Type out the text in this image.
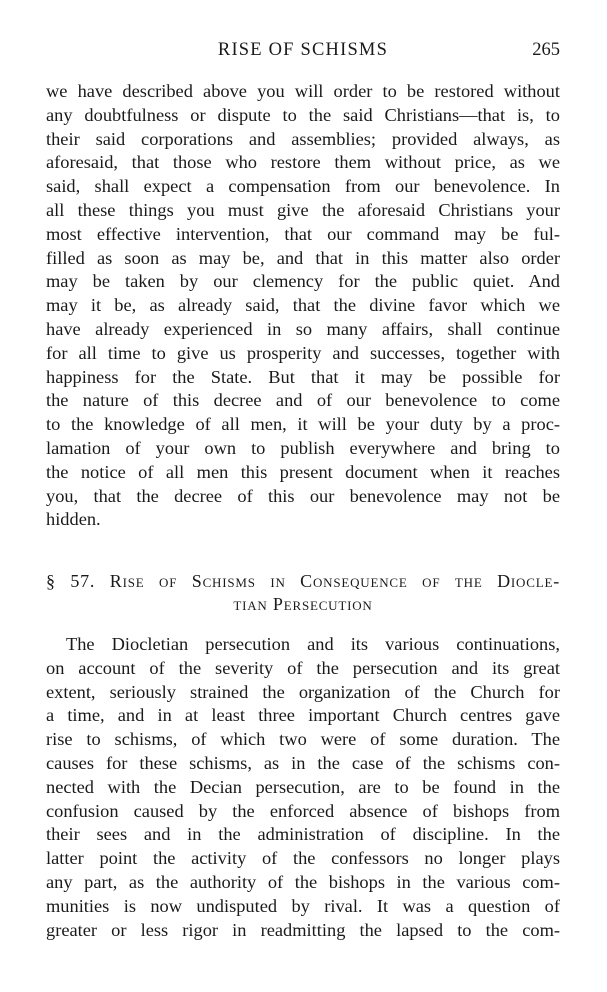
RISE OF SCHISMS	265
we have described above you will order to be restored without
any doubtfulness or dispute to the said Christians—that is, to
their said corporations and assemblies; provided always, as
aforesaid, that those who restore them without price, as we
said, shall expect a compensation from our benevolence. In
all these things you must give the aforesaid Christians your
most effective intervention, that our command may be ful-
filled as soon as may be, and that in this matter also order
may be taken by our clemency for the public quiet. And
may it be, as already said, that the divine favor which we
have already experienced in so many affairs, shall continue
for all time to give us prosperity and successes, together with
happiness for the State. But that it may be possible for
the nature of this decree and of our benevolence to come
to the knowledge of all men, it will be your duty by a proc-
lamation of your own to publish everywhere and bring to
the notice of all men this present document when it reaches
you, that the decree of this our benevolence may not be
hidden.
§ 57. Rise of Schisms in Consequence of the Diocle-
tian Persecution
The Diocletian persecution and its various continuations,
on account of the severity of the persecution and its great
extent, seriously strained the organization of the Church for
a time, and in at least three important Church centres gave
rise to schisms, of which two were of some duration. The
causes for these schisms, as in the case of the schisms con-
nected with the Decian persecution, are to be found in the
confusion caused by the enforced absence of bishops from
their sees and in the administration of discipline. In the
latter point the activity of the confessors no longer plays
any part, as the authority of the bishops in the various com-
munities is now undisputed by rival. It was a question of
greater or less rigor in readmitting the lapsed to the com-
